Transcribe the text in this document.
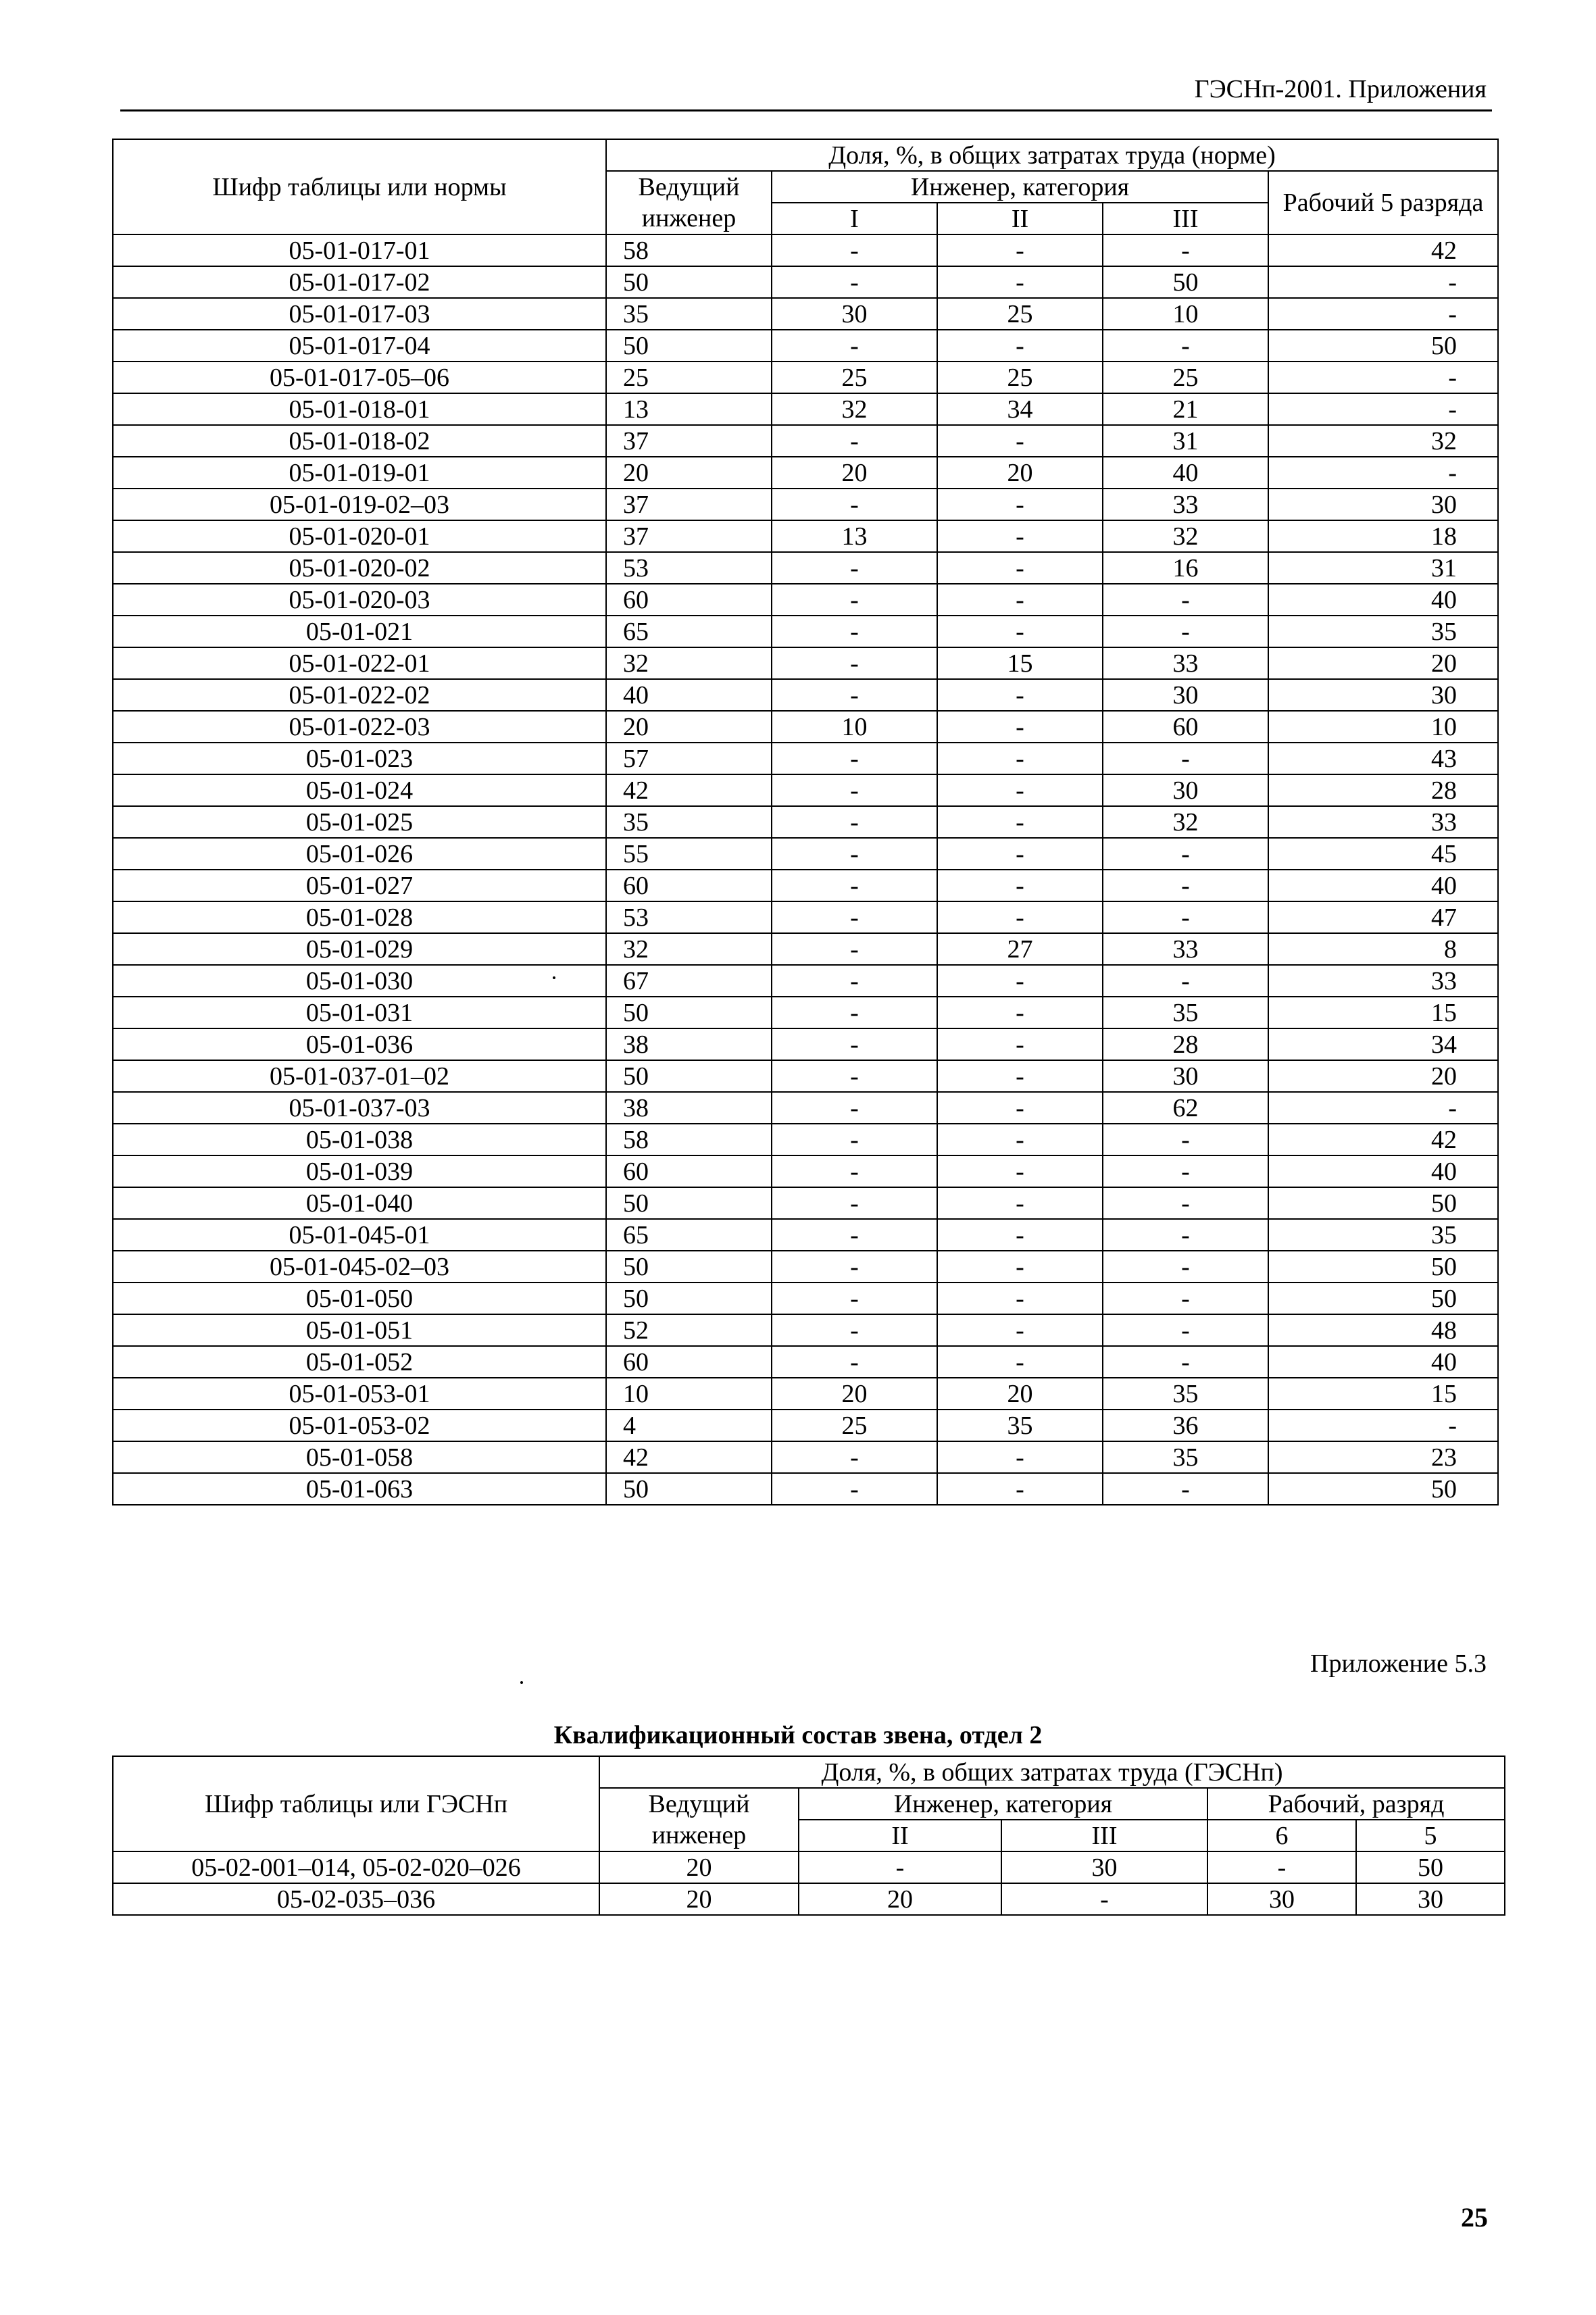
ГЭСНп-2001. Приложения
Шифр таблицы или нормы	Доля, %, в общих затратах труда (норме)				
	Ведущий инженер	Инженер, категория			Рабочий 5 разряда
		I	II	III	
05-01-017-01	58	-	-	-	42
05-01-017-02	50	-	-	50	-
05-01-017-03	35	30	25	10	-
05-01-017-04	50	-	-	-	50
05-01-017-05–06	25	25	25	25	-
05-01-018-01	13	32	34	21	-
05-01-018-02	37	-	-	31	32
05-01-019-01	20	20	20	40	-
05-01-019-02–03	37	-	-	33	30
05-01-020-01	37	13	-	32	18
05-01-020-02	53	-	-	16	31
05-01-020-03	60	-	-	-	40
05-01-021	65	-	-	-	35
05-01-022-01	32	-	15	33	20
05-01-022-02	40	-	-	30	30
05-01-022-03	20	10	-	60	10
05-01-023	57	-	-	-	43
05-01-024	42	-	-	30	28
05-01-025	35	-	-	32	33
05-01-026	55	-	-	-	45
05-01-027	60	-	-	-	40
05-01-028	53	-	-	-	47
05-01-029	32	-	27	33	8
05-01-030	67	-	-	-	33
05-01-031	50	-	-	35	15
05-01-036	38	-	-	28	34
05-01-037-01–02	50	-	-	30	20
05-01-037-03	38	-	-	62	-
05-01-038	58	-	-	-	42
05-01-039	60	-	-	-	40
05-01-040	50	-	-	-	50
05-01-045-01	65	-	-	-	35
05-01-045-02–03	50	-	-	-	50
05-01-050	50	-	-	-	50
05-01-051	52	-	-	-	48
05-01-052	60	-	-	-	40
05-01-053-01	10	20	20	35	15
05-01-053-02	4	25	35	36	-
05-01-058	42	-	-	35	23
05-01-063	50	-	-	-	50
Приложение 5.3
Квалификационный состав звена, отдел 2
Шифр таблицы или ГЭСНп	Доля, %, в общих затратах труда (ГЭСНп)				
	Ведущий инженер	Инженер, категория		Рабочий, разряд	
		II	III	6	5
05-02-001–014, 05-02-020–026	20	-	30	-	50
05-02-035–036	20	20	-	30	30
25
